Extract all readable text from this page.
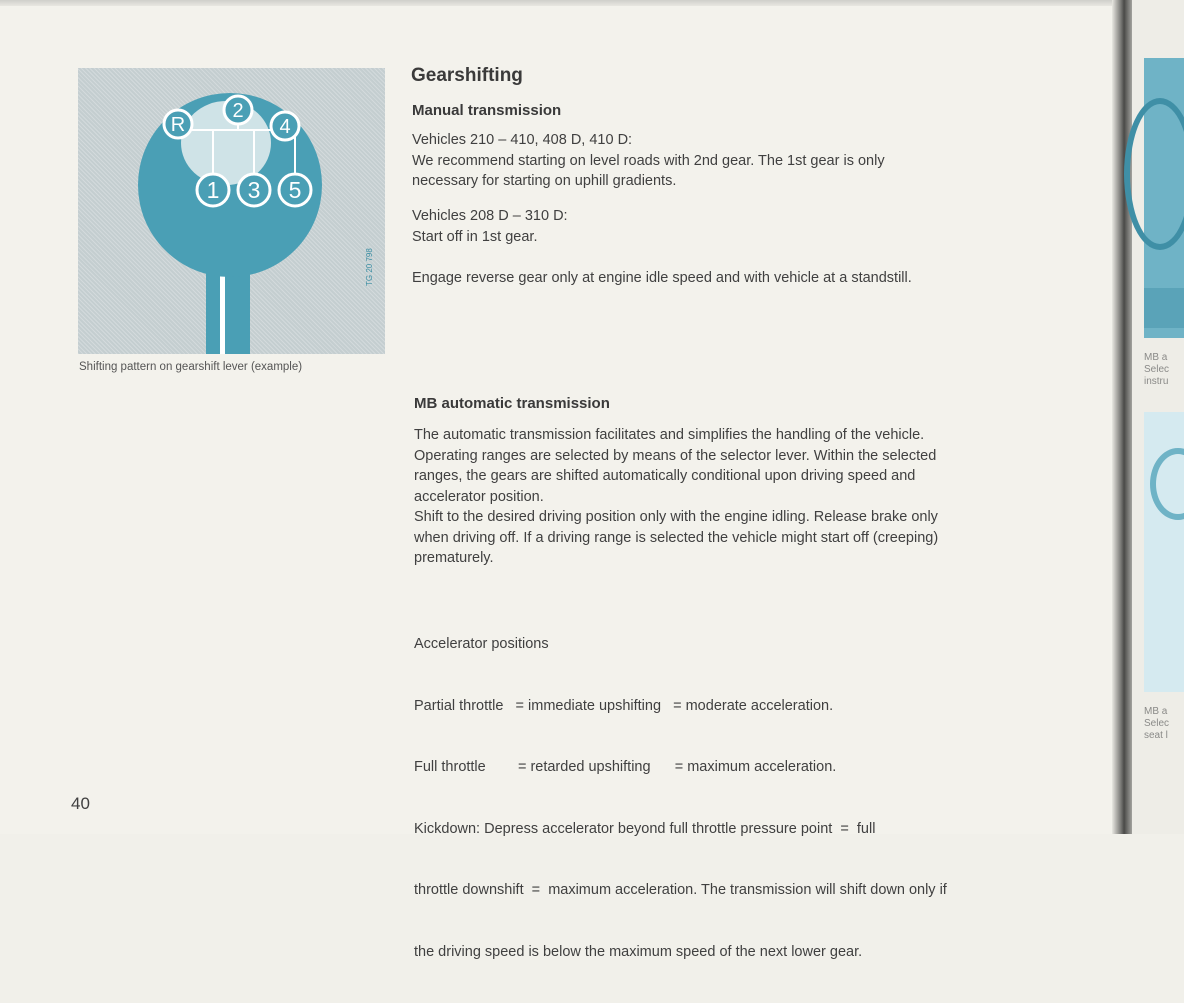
R
2
4
1 3 5
TG 20 798
Shifting pattern on gearshift lever (example)
Gearshifting
Manual transmission
Vehicles 210 – 410, 408 D, 410 D:
We recommend starting on level roads with 2nd gear. The 1st gear is only
necessary for starting on uphill gradients.
Vehicles 208 D – 310 D:
Start off in 1st gear.
Engage reverse gear only at engine idle speed and with vehicle at a standstill.
MB automatic transmission
The automatic transmission facilitates and simplifies the handling of the vehicle.
Operating ranges are selected by means of the selector lever. Within the selected
ranges, the gears are shifted automatically conditional upon driving speed and
accelerator position.
Shift to the desired driving position only with the engine idling. Release brake only
when driving off. If a driving range is selected the vehicle might start off (creeping)
prematurely.

Accelerator positions

Partial throttle   = immediate upshifting   = moderate acceleration.

Full throttle        = retarded upshifting      = maximum acceleration.

Kickdown: Depress accelerator beyond full throttle pressure point  =  full

throttle downshift  =  maximum acceleration. The transmission will shift down only if

the driving speed is below the maximum speed of the next lower gear.

40
MB a
Selec
instru
MB a
Selec
seat l
